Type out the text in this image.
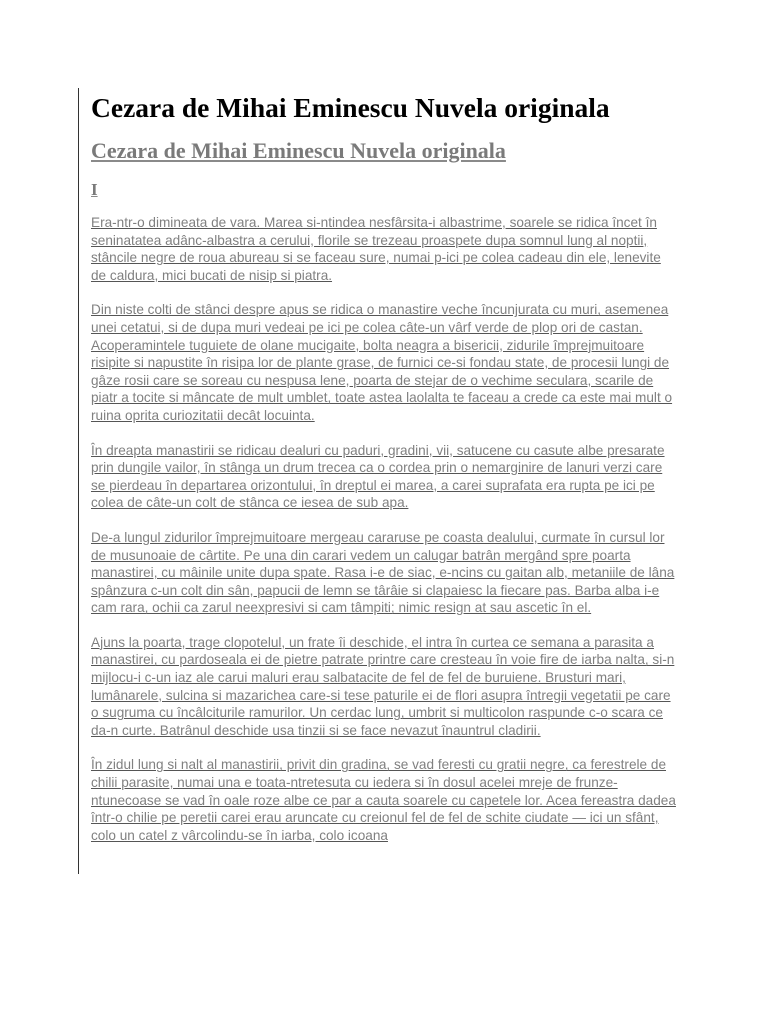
Cezara de Mihai Eminescu Nuvela originala
Cezara de Mihai Eminescu Nuvela originala
I

Era-ntr-o dimineata de vara. Marea si-ntindea nesfârsita-i albastrime, soarele se ridica încet în seninatatea adânc-albastra a cerului, florile se trezeau proaspete dupa somnul lung al noptii, stâncile negre de roua abureau si se faceau sure, numai p-ici pe colea cadeau din ele, lenevite de caldura, mici bucati de nisip si piatra.

Din niste colti de stânci despre apus se ridica o manastire veche încunjurata cu muri, asemenea unei cetatui, si de dupa muri vedeai pe ici pe colea câte-un vârf verde de plop ori de castan. Acoperamintele tuguiete de olane mucigaite, bolta neagra a bisericii, zidurile împrejmuitoare risipite si napustite în risipa lor de plante grase, de furnici ce-si fondau state, de procesii lungi de gâze rosii care se soreau cu nespusa lene, poarta de stejar de o vechime seculara, scarile de piatr a tocite si mâncate de mult umblet, toate astea laolalta te faceau a crede ca este mai mult o ruina oprita curiozitatii decât locuinta.

În dreapta manastirii se ridicau dealuri cu paduri, gradini, vii, satucene cu casute albe presarate prin dungile vailor, în stânga un drum trecea ca o cordea prin o nemarginire de lanuri verzi care se pierdeau în departarea orizontului, în dreptul ei marea, a carei suprafata era rupta pe ici pe colea de câte-un colt de stânca ce iesea de sub apa.

De-a lungul zidurilor împrejmuitoare mergeau cararuse pe coasta dealului, curmate în cursul lor de musunoaie de cârtite. Pe una din carari vedem un calugar batrân mergând spre poarta manastirei, cu mâinile unite dupa spate. Rasa i-e de siac, e-ncins cu gaitan alb, metaniile de lâna spânzura c-un colt din sân, papucii de lemn se târâie si clapaiesc la fiecare pas. Barba alba i-e cam rara, ochii ca zarul neexpresivi si cam tâmpiti; nimic resign at sau ascetic în el.

Ajuns la poarta, trage clopotelul, un frate îi deschide, el intra în curtea ce semana a parasita a manastirei, cu pardoseala ei de pietre patrate printre care cresteau în voie fire de iarba nalta, si-n mijlocu-i c-un iaz ale carui maluri erau salbatacite de fel de fel de buruiene. Brusturi mari, lumânarele, sulcina si mazarichea care-si tese paturile ei de flori asupra întregii vegetatii pe care o sugruma cu încâlciturile ramurilor. Un cerdac lung, umbrit si multicolon raspunde c-o scara ce da-n curte. Batrânul deschide usa tinzii si se face nevazut înauntrul cladirii.

În zidul lung si nalt al manastirii, privit din gradina, se vad feresti cu gratii negre, ca ferestrele de chilii parasite, numai una e toata-ntretesuta cu iedera si în dosul acelei mreje de frunze-ntunecoase se vad în oale roze albe ce par a cauta soarele cu capetele lor. Acea fereastra dadea într-o chilie pe peretii carei erau aruncate cu creionul fel de fel de schite ciudate — ici un sfânt, colo un catel z vârcolindu-se în iarba, colo icoana
